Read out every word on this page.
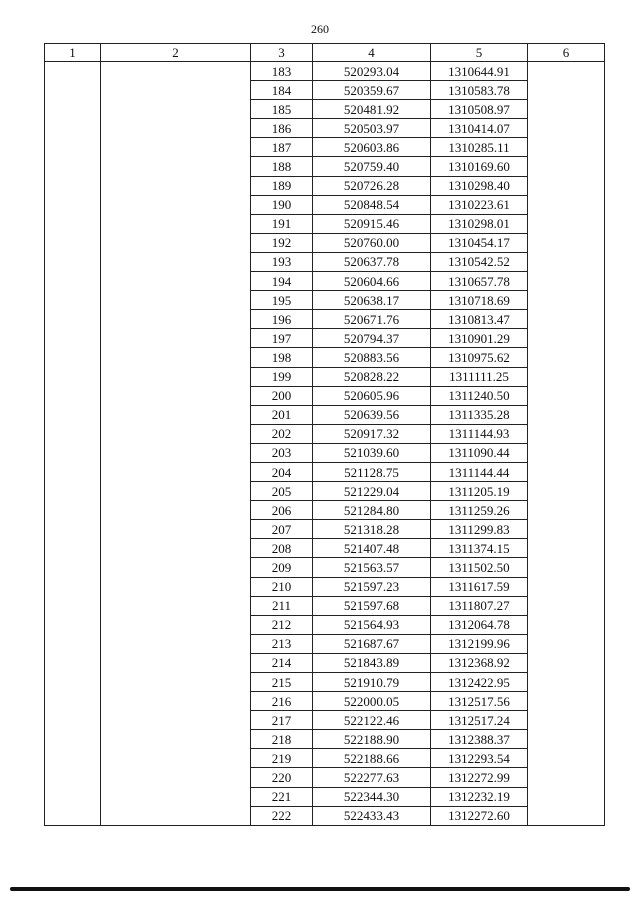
260
1	2	3	4	5	6
		183	520293.04	1310644.91	
		184	520359.67	1310583.78	
		185	520481.92	1310508.97	
		186	520503.97	1310414.07	
		187	520603.86	1310285.11	
		188	520759.40	1310169.60	
		189	520726.28	1310298.40	
		190	520848.54	1310223.61	
		191	520915.46	1310298.01	
		192	520760.00	1310454.17	
		193	520637.78	1310542.52	
		194	520604.66	1310657.78	
		195	520638.17	1310718.69	
		196	520671.76	1310813.47	
		197	520794.37	1310901.29	
		198	520883.56	1310975.62	
		199	520828.22	1311111.25	
		200	520605.96	1311240.50	
		201	520639.56	1311335.28	
		202	520917.32	1311144.93	
		203	521039.60	1311090.44	
		204	521128.75	1311144.44	
		205	521229.04	1311205.19	
		206	521284.80	1311259.26	
		207	521318.28	1311299.83	
		208	521407.48	1311374.15	
		209	521563.57	1311502.50	
		210	521597.23	1311617.59	
		211	521597.68	1311807.27	
		212	521564.93	1312064.78	
		213	521687.67	1312199.96	
		214	521843.89	1312368.92	
		215	521910.79	1312422.95	
		216	522000.05	1312517.56	
		217	522122.46	1312517.24	
		218	522188.90	1312388.37	
		219	522188.66	1312293.54	
		220	522277.63	1312272.99	
		221	522344.30	1312232.19	
		222	522433.43	1312272.60	
